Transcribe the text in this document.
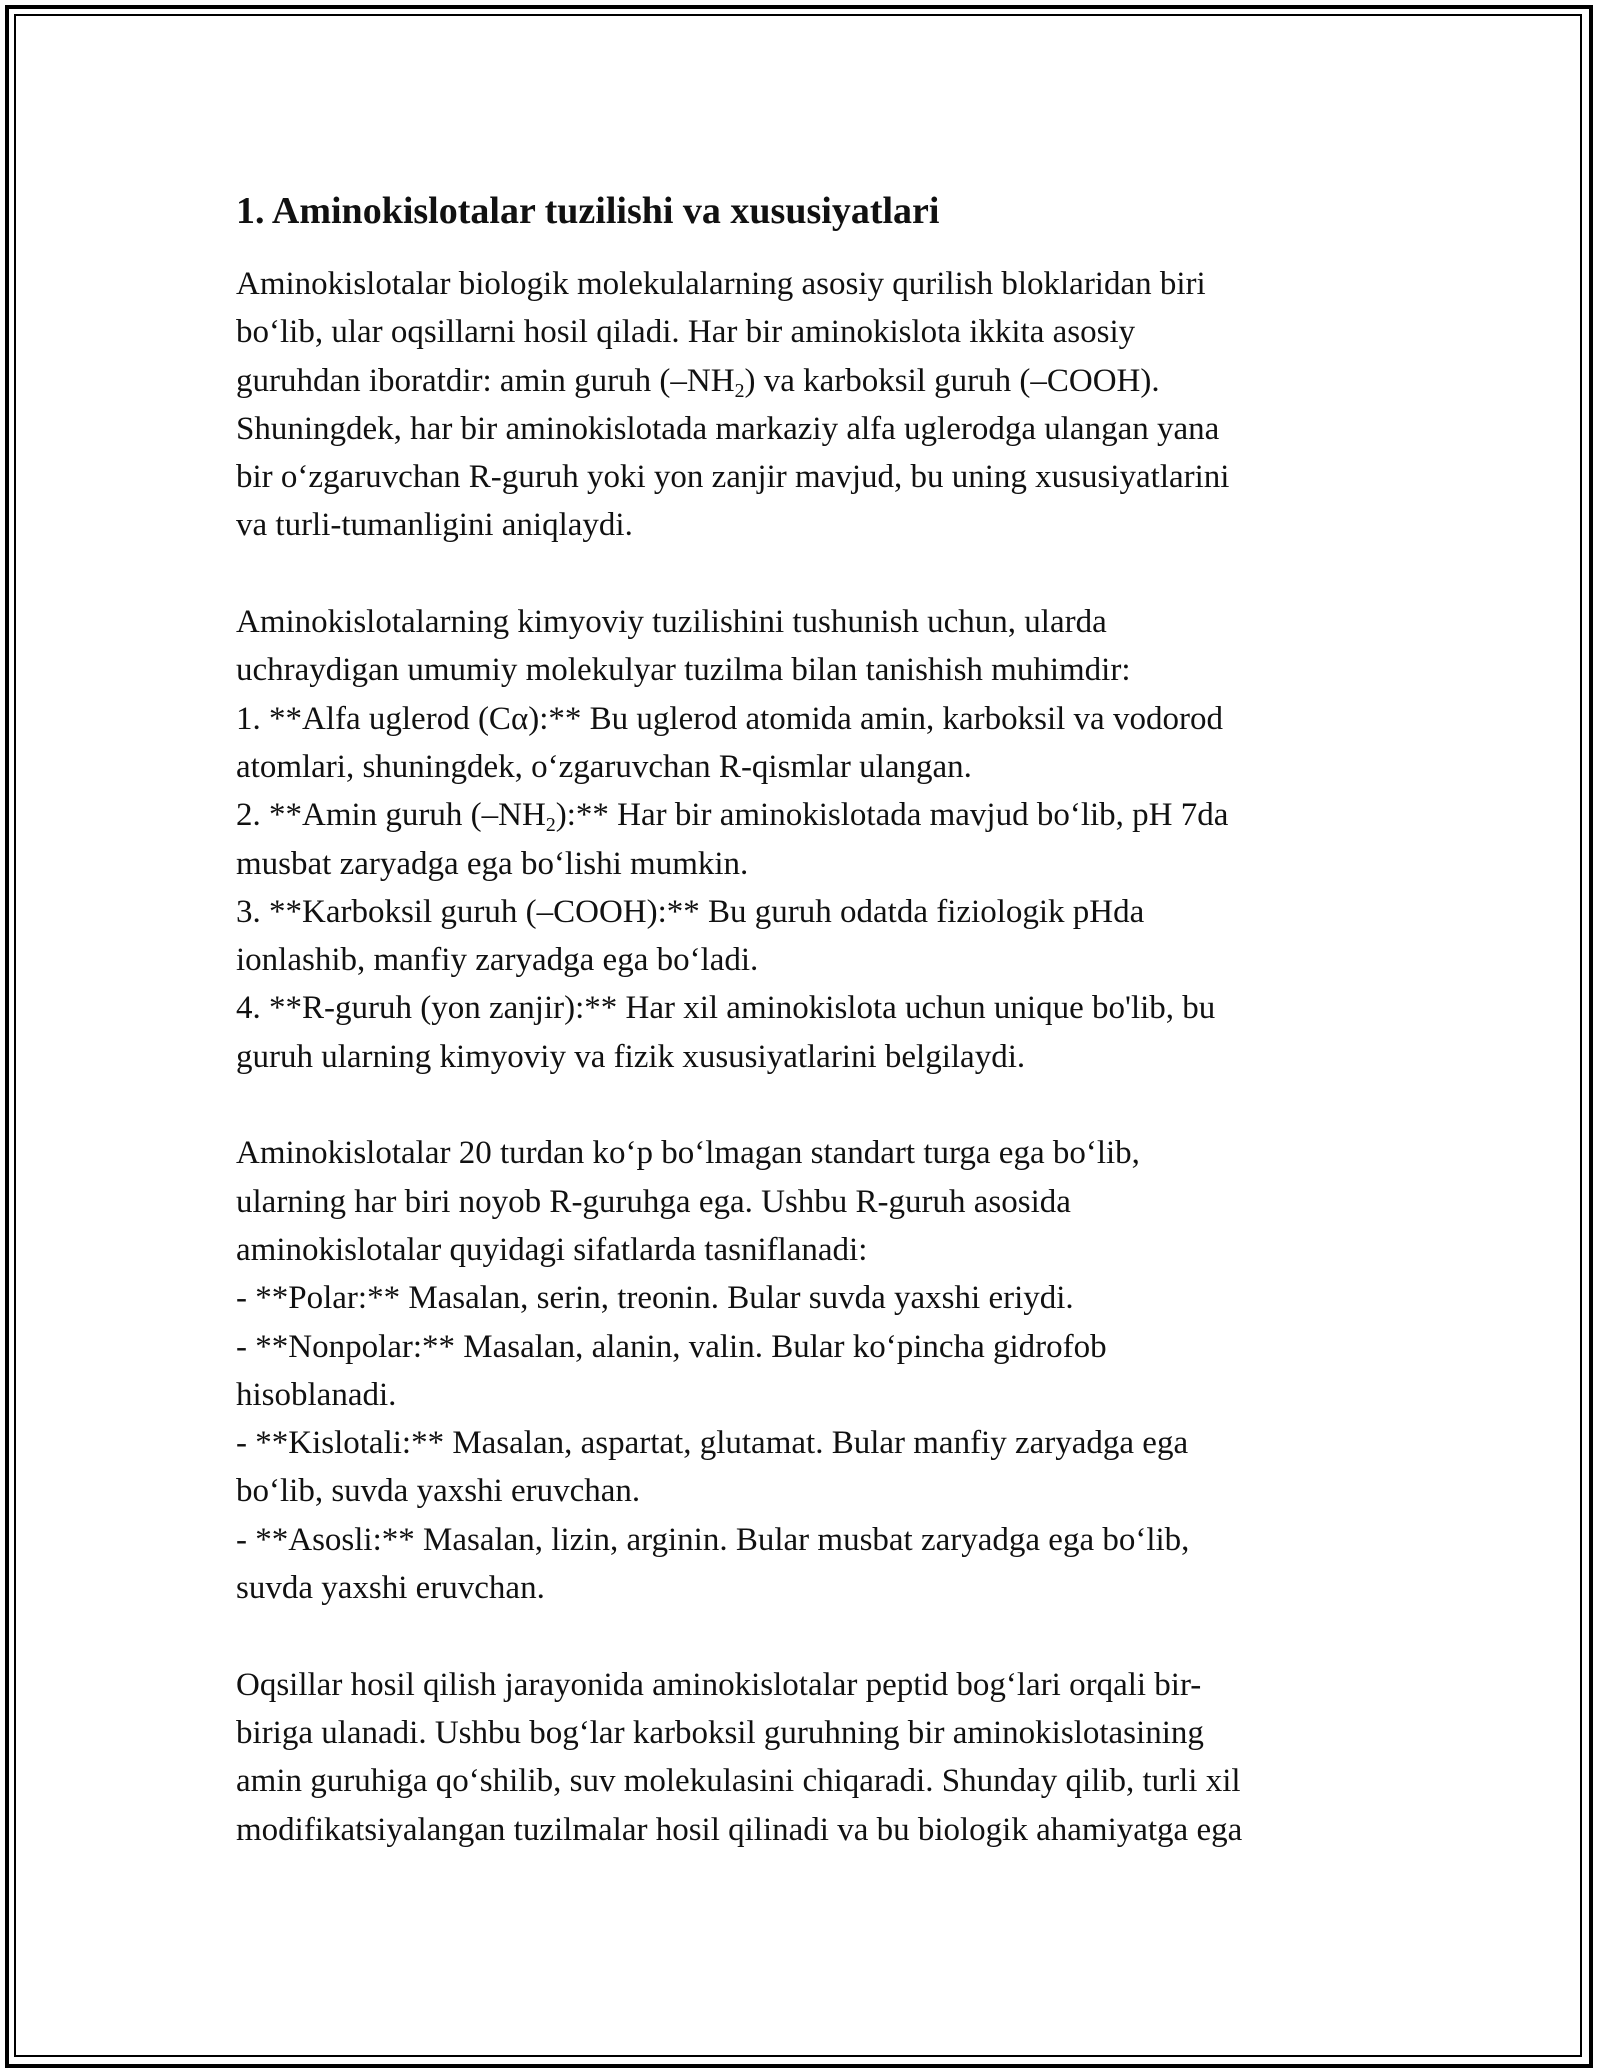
1. Aminokislotalar tuzilishi va xususiyatlari

Aminokislotalar biologik molekulalarning asosiy qurilish bloklaridan biri
bo‘lib, ular oqsillarni hosil qiladi. Har bir aminokislota ikkita asosiy
guruhdan iboratdir: amin guruh $(-NH_2)$ va karboksil guruh (–COOH).
Shuningdek, har bir aminokislotada markaziy alfa uglerodga ulangan yana
bir o‘zgaruvchan R-guruh yoki yon zanjir mavjud, bu uning xususiyatlarini
va turli-tumanligini aniqlaydi.

Aminokislotalarning kimyoviy tuzilishini tushunish uchun, ularda
uchraydigan umumiy molekulyar tuzilma bilan tanishish muhimdir:
1. **Alfa uglerod (Cα):** Bu uglerod atomida amin, karboksil va vodorod
atomlari, shuningdek, o‘zgaruvchan R-qismlar ulangan.
2. **Amin guruh $(-NH_2):**$ Har bir aminokislotada mavjud bo‘lib, pH 7da
musbat zaryadga ega bo‘lishi mumkin.
3. **Karboksil guruh (–COOH):** Bu guruh odatda fiziologik pHda
ionlashib, manfiy zaryadga ega bo‘ladi.
4. **R-guruh (yon zanjir):** Har xil aminokislota uchun unique bo'lib, bu
guruh ularning kimyoviy va fizik xususiyatlarini belgilaydi.

Aminokislotalar 20 turdan ko‘p bo‘lmagan standart turga ega bo‘lib,
ularning har biri noyob R-guruhga ega. Ushbu R-guruh asosida
aminokislotalar quyidagi sifatlarda tasniflanadi:
- **Polar:** Masalan, serin, treonin. Bular suvda yaxshi eriydi.
- **Nonpolar:** Masalan, alanin, valin. Bular ko‘pincha gidrofob
hisoblanadi.
- **Kislotali:** Masalan, aspartat, glutamat. Bular manfiy zaryadga ega
bo‘lib, suvda yaxshi eruvchan.
- **Asosli:** Masalan, lizin, arginin. Bular musbat zaryadga ega bo‘lib,
suvda yaxshi eruvchan.

Oqsillar hosil qilish jarayonida aminokislotalar peptid bog‘lari orqali bir-
biriga ulanadi. Ushbu bog‘lar karboksil guruhning bir aminokislotasining
amin guruhiga qo‘shilib, suv molekulasini chiqaradi. Shunday qilib, turli xil
modifikatsiyalangan tuzilmalar hosil qilinadi va bu biologik ahamiyatga ega
